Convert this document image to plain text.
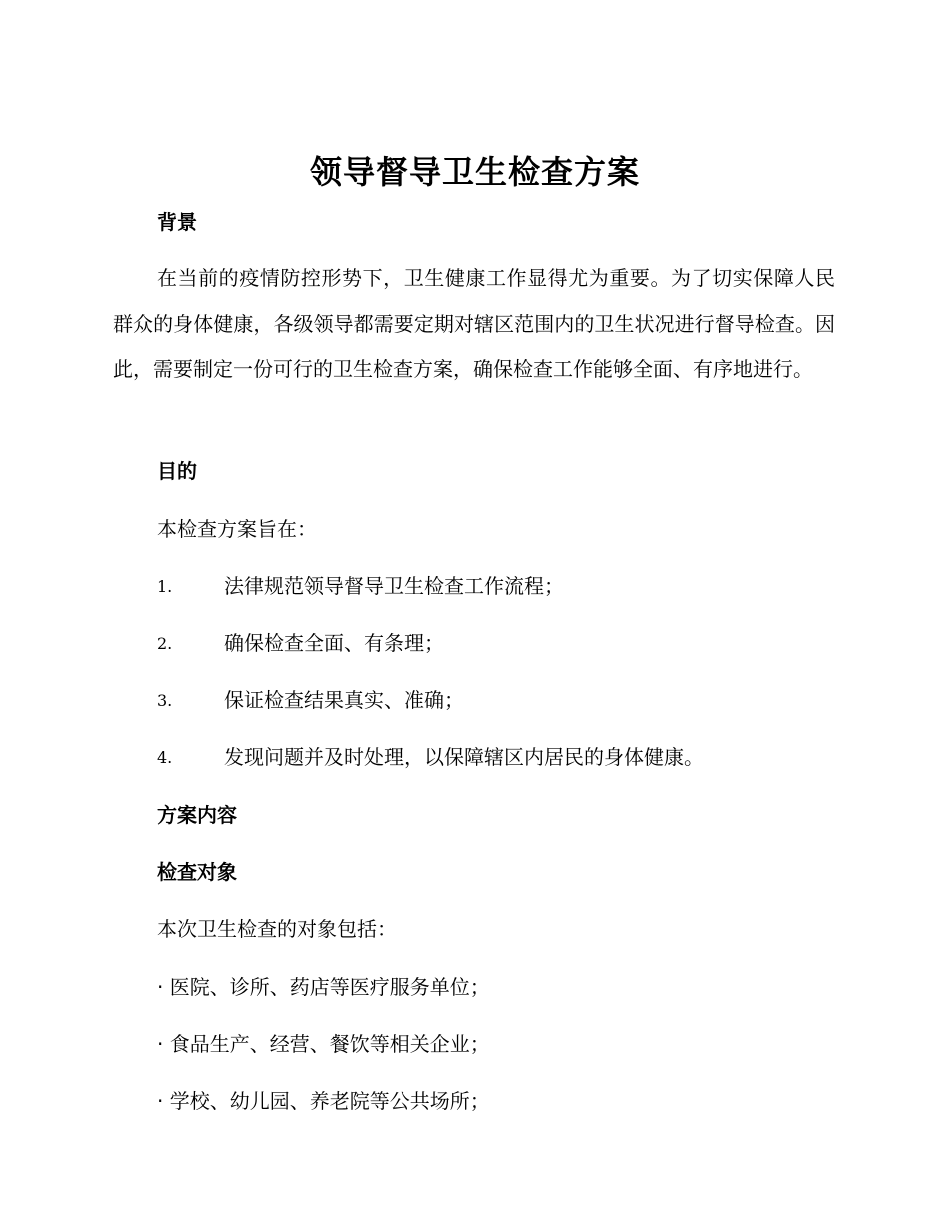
领导督导卫生检查方案
背景

在当前的疫情防控形势下，卫生健康工作显得尤为重要。为了切实保障人民群众的身体健康，各级领导都需要定期对辖区范围内的卫生状况进行督导检查。因此，需要制定一份可行的卫生检查方案，确保检查工作能够全面、有序地进行。

目的
本检查方案旨在：
1.	法律规范领导督导卫生检查工作流程；
2.	确保检查全面、有条理；
3.	保证检查结果真实、准确；
4.	发现问题并及时处理，以保障辖区内居民的身体健康。
方案内容
检查对象
本次卫生检查的对象包括：
· 医院、诊所、药店等医疗服务单位；
· 食品生产、经营、餐饮等相关企业；
· 学校、幼儿园、养老院等公共场所；
